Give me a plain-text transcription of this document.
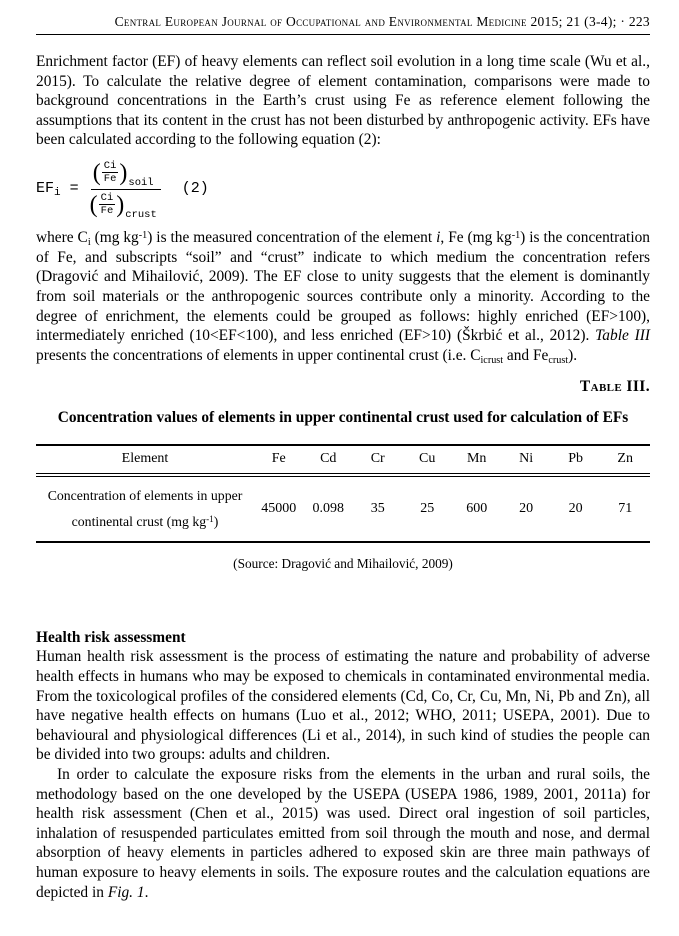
Central European Journal of Occupational and Environmental Medicine 2015; 21 (3-4); · 223

Enrichment factor (EF) of heavy elements can reflect soil evolution in a long time scale (Wu et al., 2015). To calculate the relative degree of element contamination, comparisons were made to background concentrations in the Earth’s crust using Fe as reference element following the assumptions that its content in the crust has not been disturbed by anthropogenic activity. EFs have been calculated according to the following equation (2):

$EF_i$ =
( $\frac{Ci}{Fe}$ ) soil
( $\frac{Ci}{Fe}$ ) crust
(2)

where $C_i$ (mg $kg^{-1}$) is the measured concentration of the element i, Fe (mg $kg^{-1}$) is the concentration of Fe, and subscripts “soil” and “crust” indicate to which medium the concentration refers (Dragović and Mihailović, 2009). The EF close to unity suggests that the element is dominantly from soil materials or the anthropogenic sources contribute only a minority. According to the degree of enrichment, the elements could be grouped as follows: highly enriched (EF>100), intermediately enriched (10<EF<100), and less enriched (EF>10) (Škrbić et al., 2012). Table III presents the concentrations of elements in upper continental crust (i.e. $C_{icrust}$ and $Fe_{crust}$).

Table III.
Concentration values of elements in upper continental crust used for calculation of EFs
Element	Fe	Cd	Cr	Cu	Mn	Ni	Pb	Zn
Concentration of elements in upper continental crust (mg $kg^{-1}$)	45000	0.098	35	25	600	20	20	71
(Source: Dragović and Mihailović, 2009)
Health risk assessment

Human health risk assessment is the process of estimating the nature and probability of adverse health effects in humans who may be exposed to chemicals in contaminated environmental media. From the toxicological profiles of the considered elements (Cd, Co, Cr, Cu, Mn, Ni, Pb and Zn), all have negative health effects on humans (Luo et al., 2012; WHO, 2011; USEPA, 2001). Due to behavioural and physiological differences (Li et al., 2014), in such kind of studies the people can be divided into two groups: adults and children.

In order to calculate the exposure risks from the elements in the urban and rural soils, the methodology based on the one developed by the USEPA (USEPA 1986, 1989, 2001, 2011a) for health risk assessment (Chen et al., 2015) was used. Direct oral ingestion of soil particles, inhalation of resuspended particulates emitted from soil through the mouth and nose, and dermal absorption of heavy elements in particles adhered to exposed skin are three main pathways of human exposure to heavy elements in soils. The exposure routes and the calculation equations are depicted in Fig. 1.
